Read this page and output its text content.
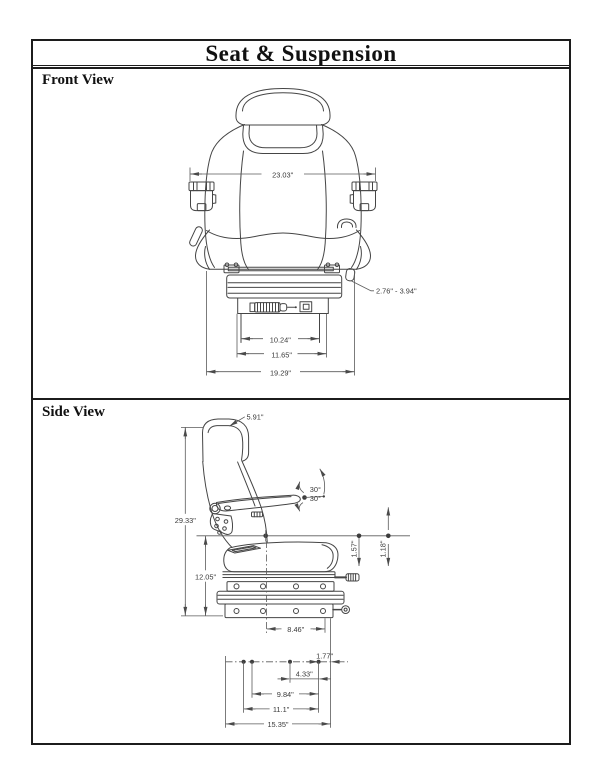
Seat & Suspension
Front View
23.03"
2.76" - 3.94"
10.24"
11.65"
19.29"
Side View
30°
30°
5.91"
29.33"
12.05"
1.57"	1.18"
8.46"
1.77"
4.33"
9.84"
11.1"
15.35"
